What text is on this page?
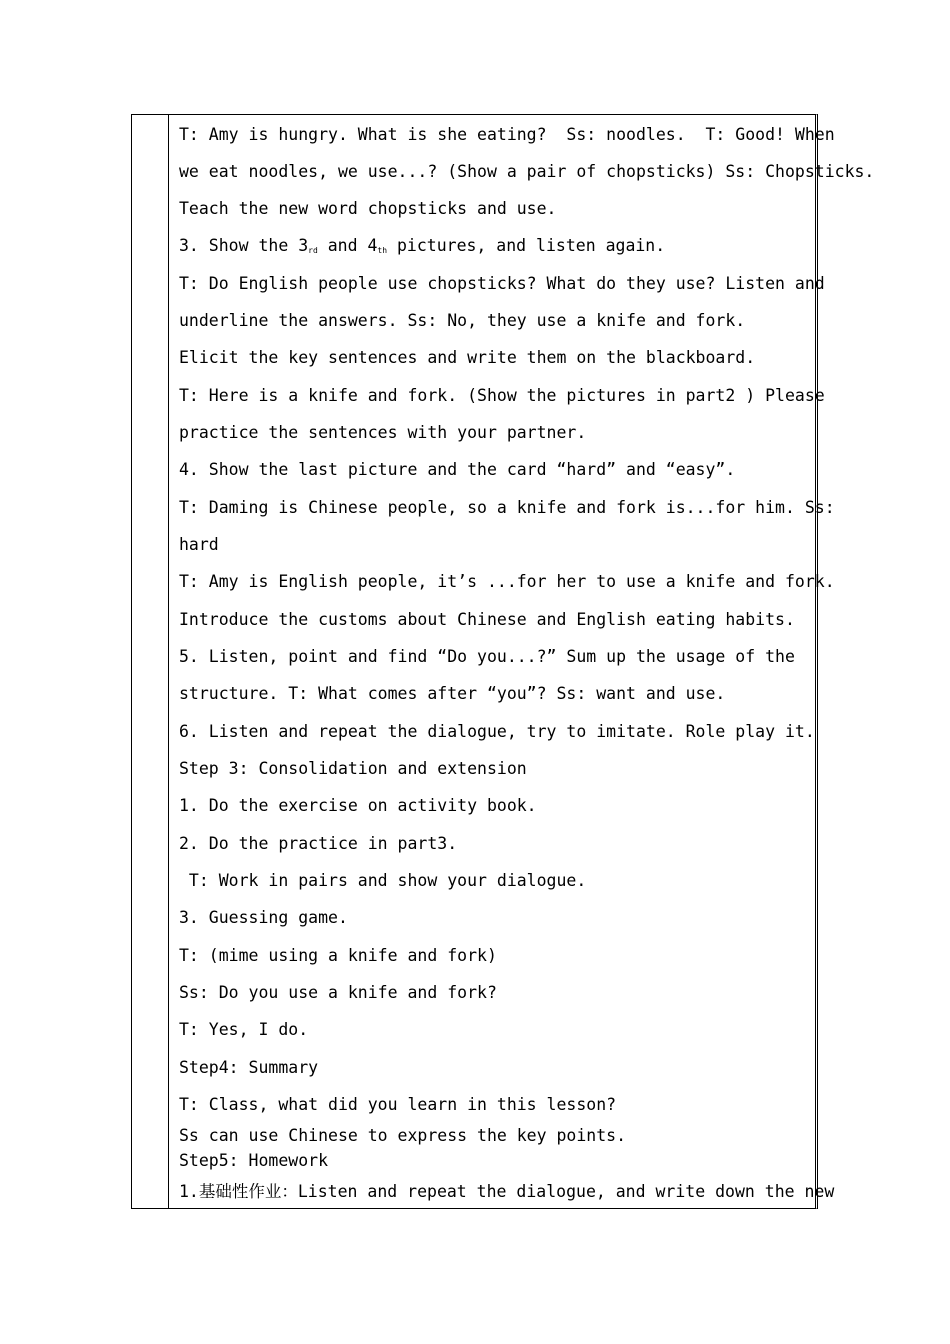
T: Amy is hungry. What is she eating?  Ss: noodles.  T: Good! When
we eat noodles, we use...? (Show a pair of chopsticks) Ss: Chopsticks.
Teach the new word chopsticks and use.
3. Show the $3_{rd}$ and $4_{th}$ pictures, and listen again.
T: Do English people use chopsticks? What do they use? Listen and
underline the answers. Ss: No, they use a knife and fork.
Elicit the key sentences and write them on the blackboard.
T: Here is a knife and fork. (Show the pictures in part2 ) Please
practice the sentences with your partner.
4. Show the last picture and the card “hard” and “easy”.
T: Daming is Chinese people, so a knife and fork is...for him. Ss:
hard
T: Amy is English people, it’s ...for her to use a knife and fork.
Introduce the customs about Chinese and English eating habits.
5. Listen, point and find “Do you...?” Sum up the usage of the
structure. T: What comes after “you”? Ss: want and use.
6. Listen and repeat the dialogue, try to imitate. Role play it.
Step 3: Consolidation and extension
1. Do the exercise on activity book.
2. Do the practice in part3.
T: Work in pairs and show your dialogue.
3. Guessing game.
T: (mime using a knife and fork)
Ss: Do you use a knife and fork?
T: Yes, I do.
Step4: Summary
T: Class, what did you learn in this lesson?
Ss can use Chinese to express the key points.
Step5: Homework
1.基础性作业：Listen and repeat the dialogue, and write down the new
